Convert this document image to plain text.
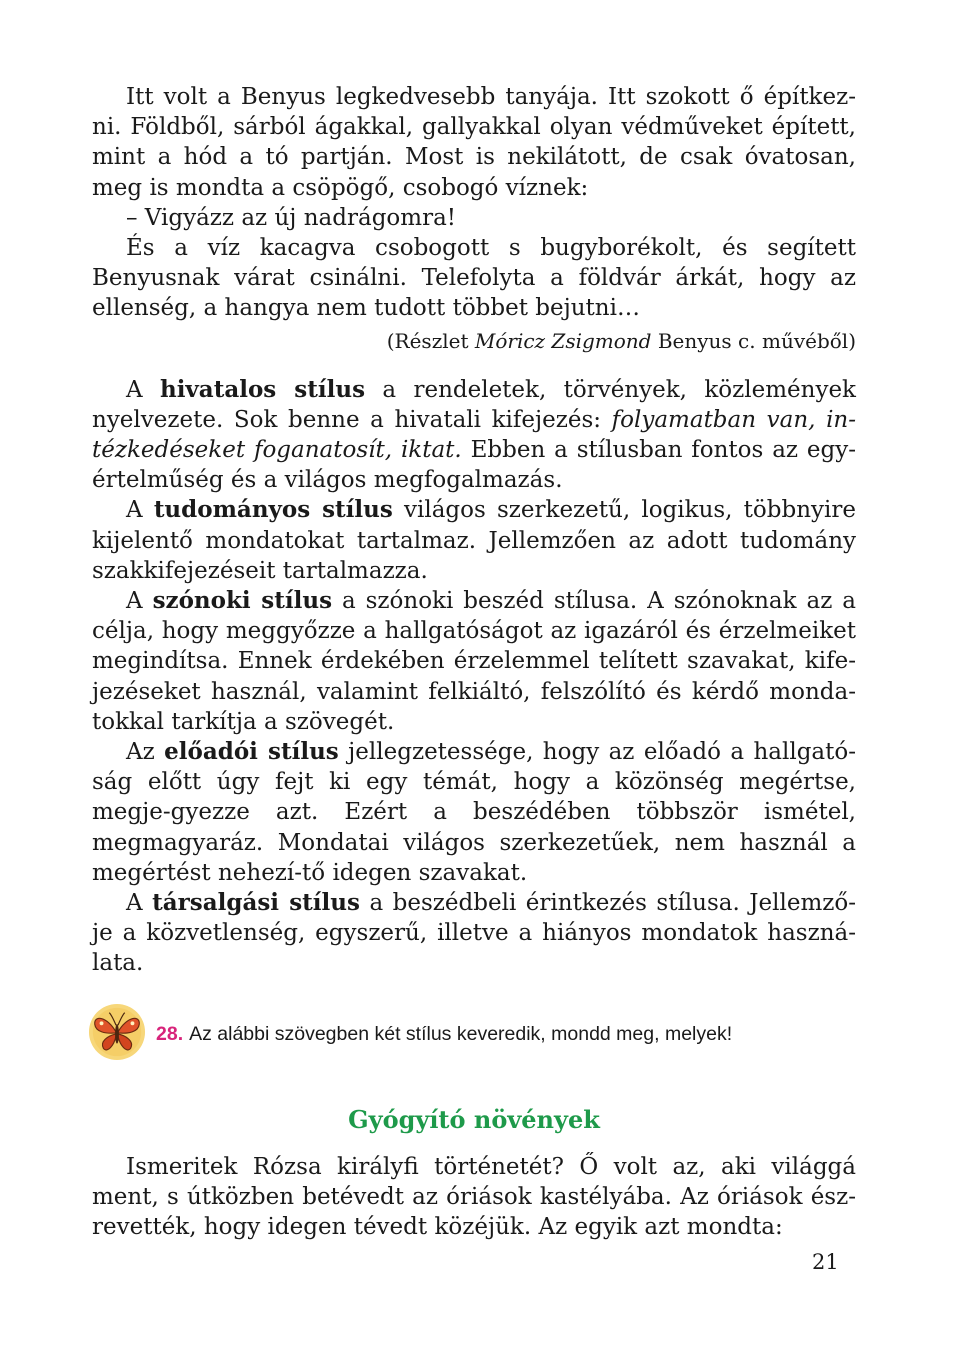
Itt volt a Benyus legkedvesebb tanyája. Itt szokott ő építkez-ni. Földből, sárból ágakkal, gallyakkal olyan védműveket épített, mint a hód a tó partján. Most is nekilátott, de csak óvatosan, meg is mondta a csöpögő, csobogó víznek:

– Vigyázz az új nadrágomra!

És a víz kacagva csobogott s bugyborékolt, és segített Benyusnak várat csinálni. Telefolyta a földvár árkát, hogy az ellenség, a hangya nem tudott többet bejutni…

(Részlet Móricz Zsigmond Benyus c. művéből)

A hivatalos stílus a rendeletek, törvények, közlemények nyelvezete. Sok benne a hivatali kifejezés: folyamatban van, in-tézkedéseket foganatosít, iktat. Ebben a stílusban fontos az egy-értelműség és a világos megfogalmazás.

A tudományos stílus világos szerkezetű, logikus, többnyire kijelentő mondatokat tartalmaz. Jellemzően az adott tudomány szakkifejezéseit tartalmazza.

A szónoki stílus a szónoki beszéd stílusa. A szónoknak az a célja, hogy meggyőzze a hallgatóságot az igazáról és érzelmeiket megindítsa. Ennek érdekében érzelemmel telített szavakat, kife-jezéseket használ, valamint felkiáltó, felszólító és kérdő monda-tokkal tarkítja a szövegét.

Az előadói stílus jellegzetessége, hogy az előadó a hallgató-ság előtt úgy fejt ki egy témát, hogy a közönség megértse, megje-gyezze azt. Ezért a beszédében többször ismétel, megmagyaráz. Mondatai világos szerkezetűek, nem használ a megértést nehezí-tő idegen szavakat.

A társalgási stílus a beszédbeli érintkezés stílusa. Jellemző-je a közvetlenség, egyszerű, illetve a hiányos mondatok haszná-lata.

28. Az alábbi szövegben két stílus keveredik, mondd meg, melyek!
Gyógyító növények

Ismeritek Rózsa királyfi történetét? Ő volt az, aki világgá ment, s útközben betévedt az óriások kastélyába. Az óriások ész-revették, hogy idegen tévedt közéjük. Az egyik azt mondta:

21
